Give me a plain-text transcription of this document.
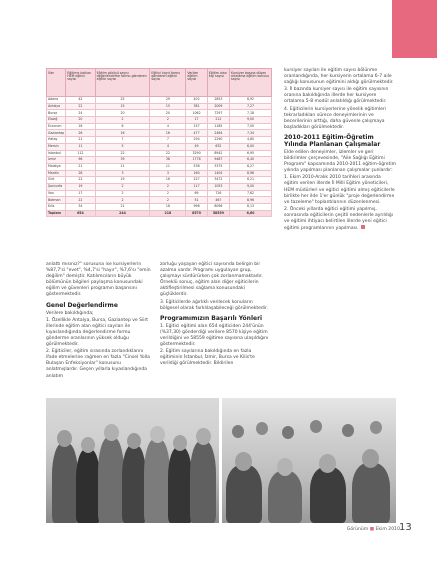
İller	Eğitime katılan HEM eğitici sayısı	Eğitim görüşü sayısı değerlendirme formu gönderen eğitici sayısı	Eğitici kayıt formu gönderen eğitici sayısı	Verilen eğitim sayısı	Eğitim alan kişi sayısı	Kursiyer başına düşen ortalama eğitim konusu sayısı
Adana	42	25	29	402	2853	6,92
Antalya	22	15	15	381	2009	7,27
Bursa	24	20	20	1062	7297	7,18
Elazığ	20	2	2	17	212	9,00
Erzurum	16	6	4	157	1185	7,00
Gaziantep	26	16	16	477	2464	7,34
Hatay	21	7	7	294	2290	4,80
Mersin	11	5	4	49	632	6,00
İstanbul	112	22	22	3290	8942	6,95
İzmir	96	39	38	1776	9487	6,40
Malatya	21	11	11	536	3375	6,27
Mardin	28	3	3	160	1404	8,96
Siirt	22	19	16	227	3472	6,21
Şanlıurfa	19	2	2	117	1053	9,00
Van	17	2	2	69	726	7,62
Batman	22	2	2	51	467	8,96
Kilis	34	21	18	996	8096	8,13
Toplam	654	244	218	8570	58559	6,60

anlattı mısınız?" sorusuna ise kursiyerlerin %87,7'si "evet", %4,7'si "hayır", %7,6'sı "emin değilim" demiştir. Katılımcıların büyük bölümünün bilgileri paylaşma konusundaki eğilim ve güvenleri programın başarısını göstermektedir.

Genel Değerlendirme

Verilere bakıldığında;

1. Özellikle Antalya, Bursa, Gaziantep ve Siirt illerinde eğitim alan eğitici sayıları ile kıyaslandığında değerlendirme formu gönderme oranlarının yüksek olduğu görülmektedir.

2. Eğiticiler, eğitim sırasında zorlandıklarını ifade etmelerine rağmen en fazla "Cinsel Yolla Bulaşan Enfeksiyonlar" konusunu anlatmışlardır. Geçen yıllarla kıyaslandığında anlatım

zorluğu yaşayan eğitici sayısında belirgin bir azalma vardır. Programı uygulayan grup, çalışmayı sürdürürken çok zorlanmamaktadır. Örneklü sonuç, eğitim alan diğer eğiticilerin aktifleştirilmesi sağlama konusundaki güçlüklerdir.

3. Eğiticilerde ağırlıklı verilecek konuların bölgesel olarak farklılaşabileceği görülmektedir.

Programımızın Başarılı Yönleri

1. Eğitici eğitimi alan 654 eğiticiden 244'ünün (%37,30) gönderdiği verilere 8570 kişiye eğitim verildiğini ve 58559 eğitime sayısına ulaşıldığını göstermektedir.

2. Eğitim sayılarına bakıldığında en fazla eğitiminin İstanbul, İzmir, Bursa ve Kilis'te verildiği görülmektedir. Bildirilen

kursiyer sayıları ile eğitim sayısı bölünme oranlandığında, her kursiyerin ortalama 6-7 aile sağlığı konusunun eğitimini aldığı görülmektedir.

3. İl bazında kursiyer sayısı ile eğitim sayısının oranına bakıldığında illerde her kursiyere ortalama 5-8 modül anlatıldığı görülmektedir.

4. Eğiticilerin kursiyerlerine yönelik eğitimleri tekrarladıkları sürece deneyimlerinin ve becerilerinin arttığı, daha güvenle çalışmaya başladıkları görülmektedir.

2010-2011 Eğitim-Öğretim Yılında Planlanan Çalışmalar

Elde edilen deneyimler, izlemler ve geri bildirimler çerçevesinde, "Aile Sağlığı Eğitimi Programı" kapsamında 2010-2011 eğitim-öğretim yılında yapılması planlanan çalışmalar şunlardır:

1. Ekim 2010-Aralık 2010 tarihleri arasında eğitim verilen illerde İl Milli Eğitim yöneticileri, HEM müdürleri ve eğitici eğitimi almış eğiticilerle birlikte her ilde 1'er günlük "proje değerlendirme ve tazeleme" toplantılarının düzenlenmesi.

2. Önceki yıllarda eğitici eğitimi yapılmış, sonrasında eğiticilerin çeşitli nedenlerle ayrıldığı ve eğitimi ihtiyacı belirtilen illerde yeni eğitici eğitimi programlarının yapılması.

Görünüm ■ Ekim 2010 13
